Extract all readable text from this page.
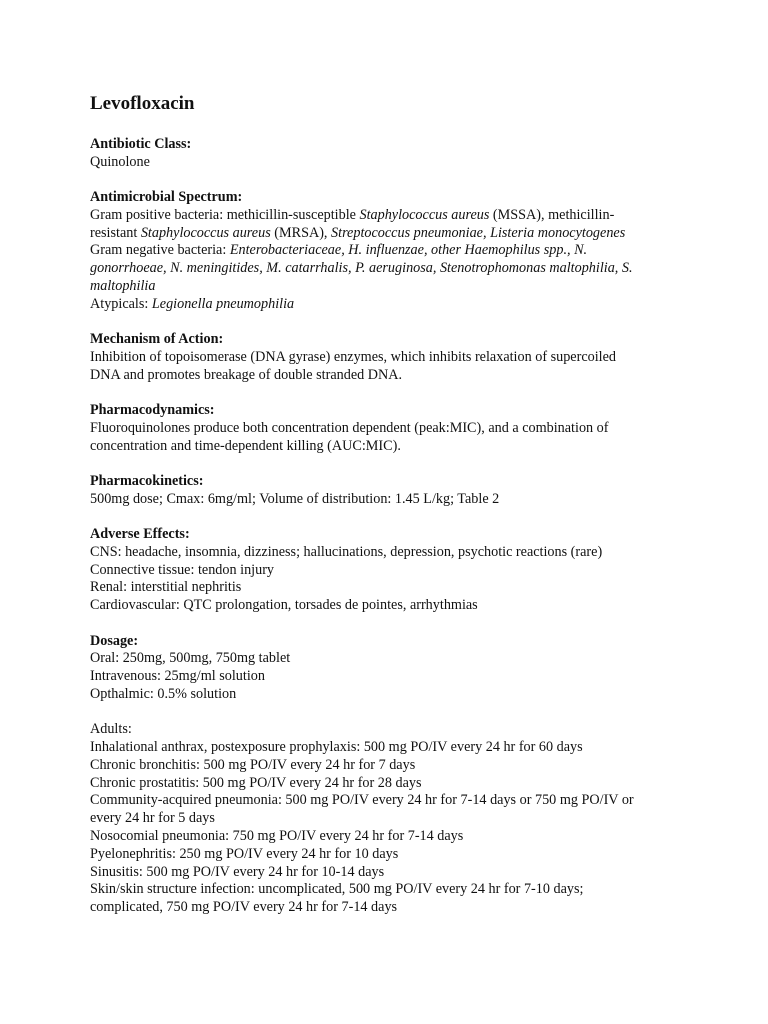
Levofloxacin
Antibiotic Class:
Quinolone
Antimicrobial Spectrum:
Gram positive bacteria: methicillin-susceptible Staphylococcus aureus (MSSA), methicillin-
resistant Staphylococcus aureus (MRSA), Streptococcus pneumoniae, Listeria monocytogenes
Gram negative bacteria: Enterobacteriaceae, H. influenzae, other Haemophilus spp., N.
gonorrhoeae, N. meningitides, M. catarrhalis, P. aeruginosa, Stenotrophomonas maltophilia, S.
maltophilia
Atypicals: Legionella pneumophilia
Mechanism of Action:
Inhibition of topoisomerase (DNA gyrase) enzymes, which inhibits relaxation of supercoiled
DNA and promotes breakage of double stranded DNA.
Pharmacodynamics:
Fluoroquinolones produce both concentration dependent (peak:MIC), and a combination of
concentration and time-dependent killing (AUC:MIC).
Pharmacokinetics:
500mg dose; Cmax: 6mg/ml; Volume of distribution: 1.45 L/kg; Table 2
Adverse Effects:
CNS: headache, insomnia, dizziness; hallucinations, depression, psychotic reactions (rare)
Connective tissue: tendon injury
Renal: interstitial nephritis
Cardiovascular: QTC prolongation, torsades de pointes, arrhythmias
Dosage:
Oral: 250mg, 500mg, 750mg tablet
Intravenous: 25mg/ml solution
Opthalmic: 0.5% solution
Adults:
Inhalational anthrax, postexposure prophylaxis: 500 mg PO/IV every 24 hr for 60 days
Chronic bronchitis: 500 mg PO/IV every 24 hr for 7 days
Chronic prostatitis: 500 mg PO/IV every 24 hr for 28 days
Community-acquired pneumonia: 500 mg PO/IV every 24 hr for 7-14 days or 750 mg PO/IV or
every 24 hr for 5 days
Nosocomial pneumonia: 750 mg PO/IV every 24 hr for 7-14 days
Pyelonephritis: 250 mg PO/IV every 24 hr for 10 days
Sinusitis: 500 mg PO/IV every 24 hr for 10-14 days
Skin/skin structure infection: uncomplicated, 500 mg PO/IV every 24 hr for 7-10 days;
complicated, 750 mg PO/IV every 24 hr for 7-14 days
